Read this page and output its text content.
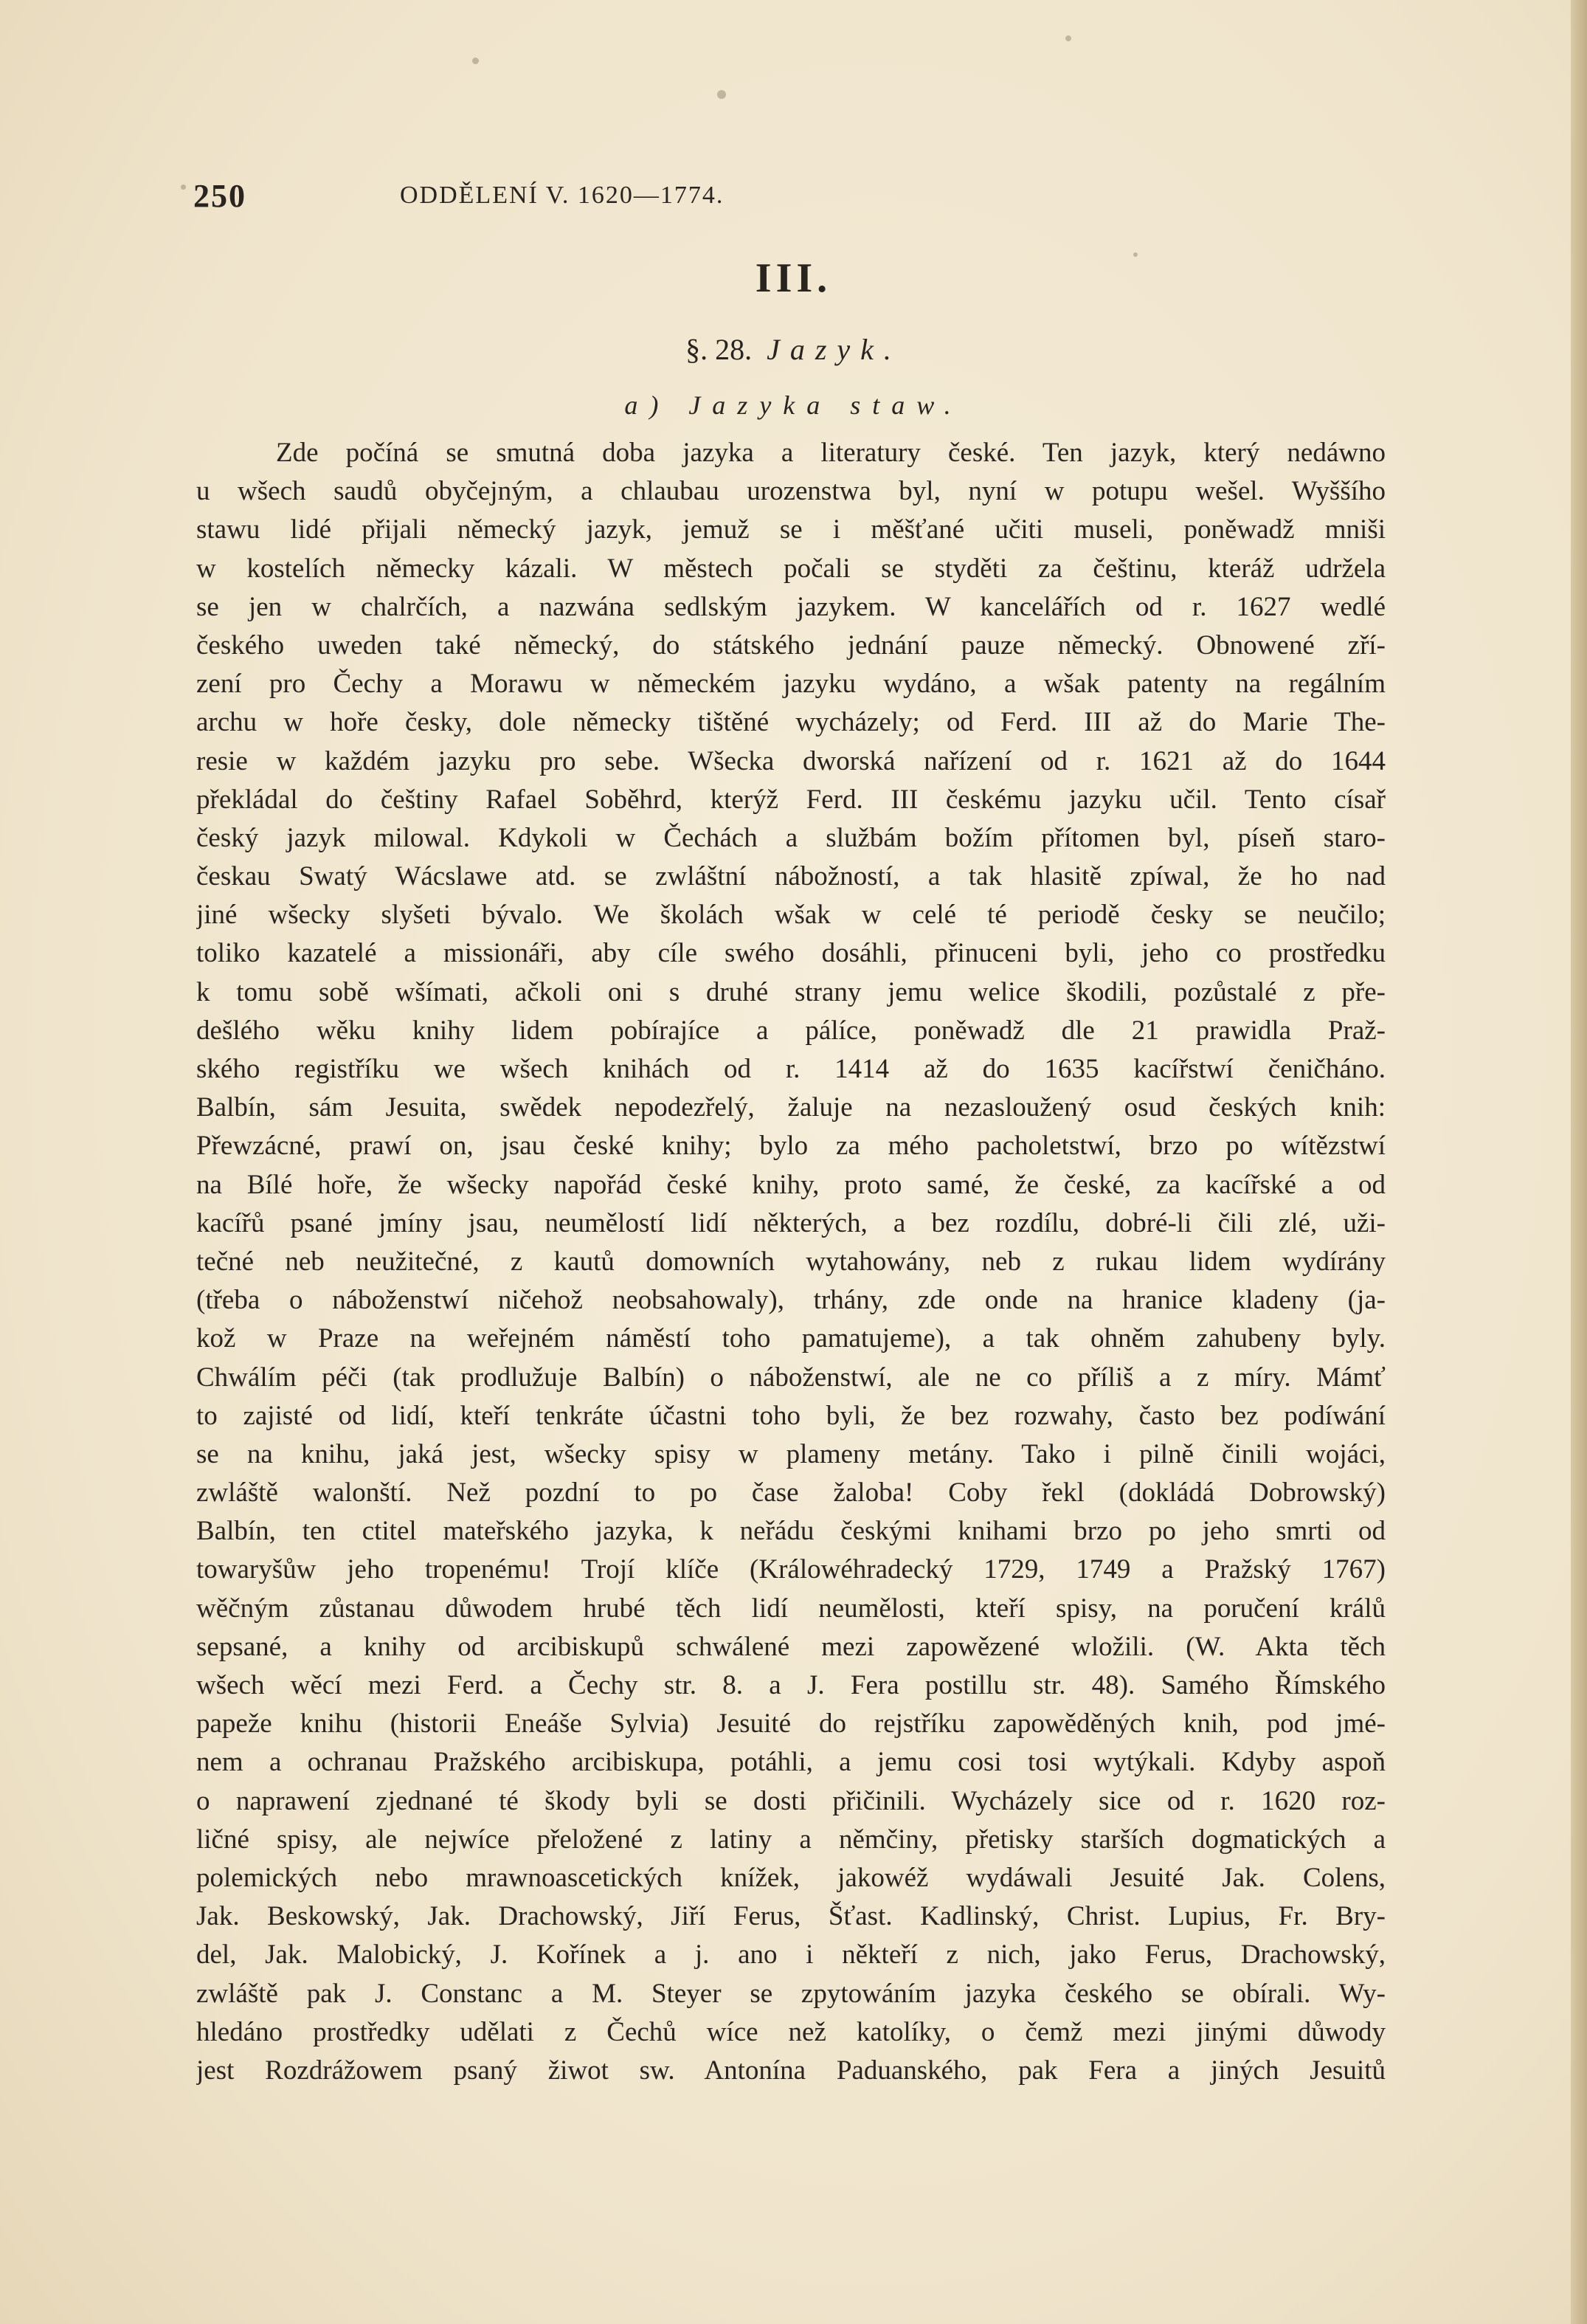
250	ODDĚLENÍ V. 1620—1774.
III.
§. 28. Jazyk.
a) Jazyka staw.
Zde počíná se smutná doba jazyka a literatury české. Ten jazyk, který nedáwno
u wšech saudů obyčejným, a chlaubau urozenstwa byl, nyní w potupu wešel. Wyššího
stawu lidé přijali německý jazyk, jemuž se i měšťané učiti museli, poněwadž mniši
w kostelích německy kázali. W městech počali se styděti za češtinu, kteráž udržela
se jen w chalrčích, a nazwána sedlským jazykem. W kancelářích od r. 1627 wedlé
českého uweden také německý, do státského jednání pauze německý. Obnowené zří-
zení pro Čechy a Morawu w německém jazyku wydáno, a wšak patenty na regálním
archu w hoře česky, dole německy tištěné wycházely; od Ferd. III až do Marie The-
resie w každém jazyku pro sebe. Wšecka dworská nařízení od r. 1621 až do 1644
překládal do češtiny Rafael Soběhrd, kterýž Ferd. III českému jazyku učil. Tento císař
český jazyk milowal. Kdykoli w Čechách a službám božím přítomen byl, píseň staro-
českau Swatý Wácslawe atd. se zwláštní nábožností, a tak hlasitě zpíwal, že ho nad
jiné wšecky slyšeti bývalo. We školách wšak w celé té periodě česky se neučilo;
toliko kazatelé a missionáři, aby cíle swého dosáhli, přinuceni byli, jeho co prostředku
k tomu sobě wšímati, ačkoli oni s druhé strany jemu welice škodili, pozůstalé z pře-
dešlého wěku knihy lidem pobírajíce a pálíce, poněwadž dle 21 prawidla Praž-
ského registříku we wšech knihách od r. 1414 až do 1635 kacířstwí čeničháno.
Balbín, sám Jesuita, swědek nepodezřelý, žaluje na nezasloužený osud českých knih:
Přewzácné, prawí on, jsau české knihy; bylo za mého pacholetstwí, brzo po wítězstwí
na Bílé hoře, že wšecky napořád české knihy, proto samé, že české, za kacířské a od
kacířů psané jmíny jsau, neumělostí lidí některých, a bez rozdílu, dobré-li čili zlé, uži-
tečné neb neužitečné, z kautů domowních wytahowány, neb z rukau lidem wydírány
(třeba o náboženstwí ničehož neobsahowaly), trhány, zde onde na hranice kladeny (ja-
kož w Praze na weřejném náměstí toho pamatujeme), a tak ohněm zahubeny byly.
Chwálím péči (tak prodlužuje Balbín) o náboženstwí, ale ne co příliš a z míry. Mámť
to zajisté od lidí, kteří tenkráte účastni toho byli, že bez rozwahy, často bez podíwání
se na knihu, jaká jest, wšecky spisy w plameny metány. Tako i pilně činili wojáci,
zwláště walonští. Než pozdní to po čase žaloba! Coby řekl (dokládá Dobrowský)
Balbín, ten ctitel mateřského jazyka, k neřádu českými knihami brzo po jeho smrti od
towaryšůw jeho tropenému! Trojí klíče (Králowéhradecký 1729, 1749 a Pražský 1767)
wěčným zůstanau důwodem hrubé těch lidí neumělosti, kteří spisy, na poručení králů
sepsané, a knihy od arcibiskupů schwálené mezi zapowězené wložili. (W. Akta těch
wšech wěcí mezi Ferd. a Čechy str. 8. a J. Fera postillu str. 48). Samého Římského
papeže knihu (historii Eneáše Sylvia) Jesuité do rejstříku zapowěděných knih, pod jmé-
nem a ochranau Pražského arcibiskupa, potáhli, a jemu cosi tosi wytýkali. Kdyby aspoň
o naprawení zjednané té škody byli se dosti přičinili. Wycházely sice od r. 1620 roz-
ličné spisy, ale nejwíce přeložené z latiny a němčiny, přetisky starších dogmatických a
polemických nebo mrawnoascetických knížek, jakowéž wydáwali Jesuité Jak. Colens,
Jak. Beskowský, Jak. Drachowský, Jiří Ferus, Šťast. Kadlinský, Christ. Lupius, Fr. Bry-
del, Jak. Malobický, J. Kořínek a j. ano i někteří z nich, jako Ferus, Drachowský,
zwláště pak J. Constanc a M. Steyer se zpytowáním jazyka českého se obírali. Wy-
hledáno prostředky udělati z Čechů wíce než katolíky, o čemž mezi jinými důwody
jest Rozdrážowem psaný žiwot sw. Antonína Paduanského, pak Fera a jiných Jesuitů
